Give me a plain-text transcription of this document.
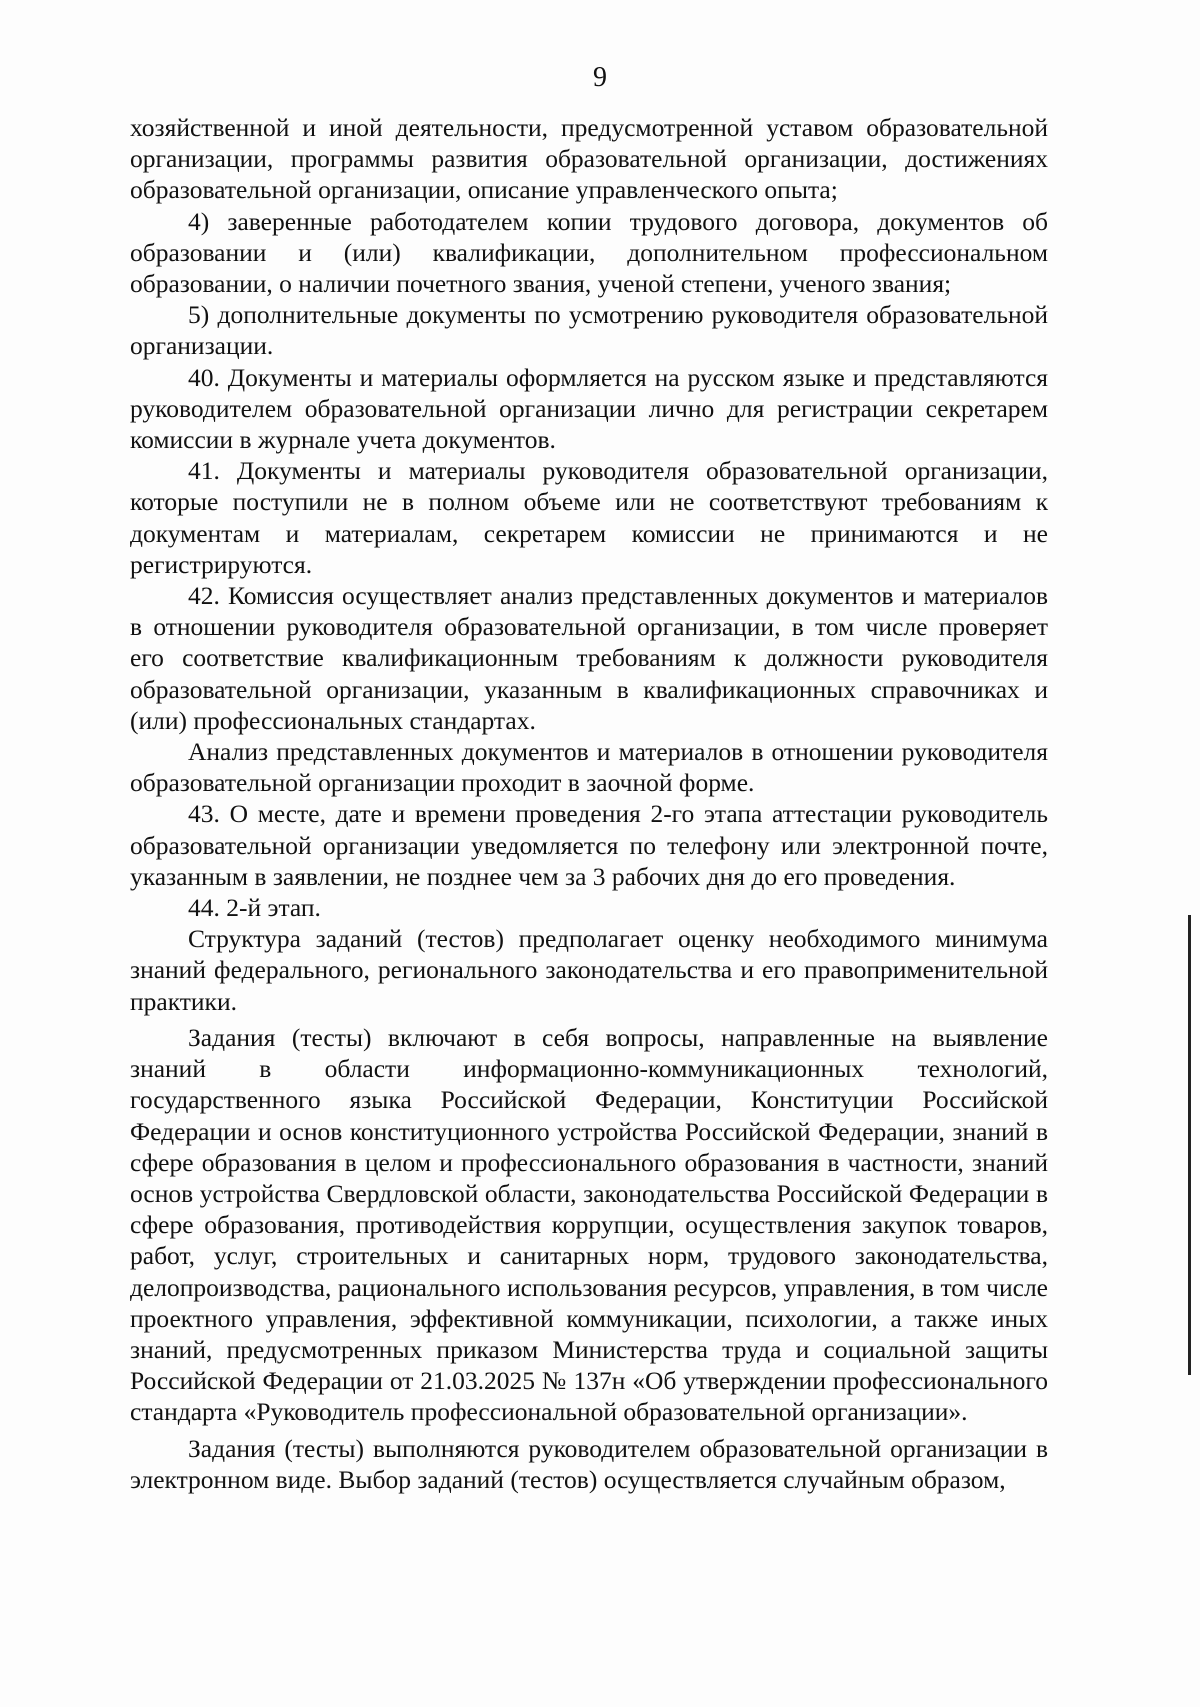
9

хозяйственной и иной деятельности, предусмотренной уставом образовательной организации, программы развития образовательной организации, достижениях образовательной организации, описание управленческого опыта;

4) заверенные работодателем копии трудового договора, документов об образовании и (или) квалификации, дополнительном профессиональном образовании, о наличии почетного звания, ученой степени, ученого звания;

5) дополнительные документы по усмотрению руководителя образовательной организации.

40. Документы и материалы оформляется на русском языке и представляются руководителем образовательной организации лично для регистрации секретарем комиссии в журнале учета документов.

41. Документы и материалы руководителя образовательной организации, которые поступили не в полном объеме или не соответствуют требованиям к документам и материалам, секретарем комиссии не принимаются и не регистрируются.

42. Комиссия осуществляет анализ представленных документов и материалов в отношении руководителя образовательной организации, в том числе проверяет его соответствие квалификационным требованиям к должности руководителя образовательной организации, указанным в квалификационных справочниках и (или) профессиональных стандартах.

Анализ представленных документов и материалов в отношении руководителя образовательной организации проходит в заочной форме.

43. О месте, дате и времени проведения 2-го этапа аттестации руководитель образовательной организации уведомляется по телефону или электронной почте, указанным в заявлении, не позднее чем за 3 рабочих дня до его проведения.

44. 2-й этап.

Структура заданий (тестов) предполагает оценку необходимого минимума знаний федерального, регионального законодательства и его правоприменительной практики.

Задания (тесты) включают в себя вопросы, направленные на выявление знаний в области информационно-коммуникационных технологий, государственного языка Российской Федерации, Конституции Российской Федерации и основ конституционного устройства Российской Федерации, знаний в сфере образования в целом и профессионального образования в частности, знаний основ устройства Свердловской области, законодательства Российской Федерации в сфере образования, противодействия коррупции, осуществления закупок товаров, работ, услуг, строительных и санитарных норм, трудового законодательства, делопроизводства, рационального использования ресурсов, управления, в том числе проектного управления, эффективной коммуникации, психологии, а также иных знаний, предусмотренных приказом Министерства труда и социальной защиты Российской Федерации от 21.03.2025 № 137н «Об утверждении профессионального стандарта «Руководитель профессиональной образовательной организации».

Задания (тесты) выполняются руководителем образовательной организации в электронном виде. Выбор заданий (тестов) осуществляется случайным образом,
